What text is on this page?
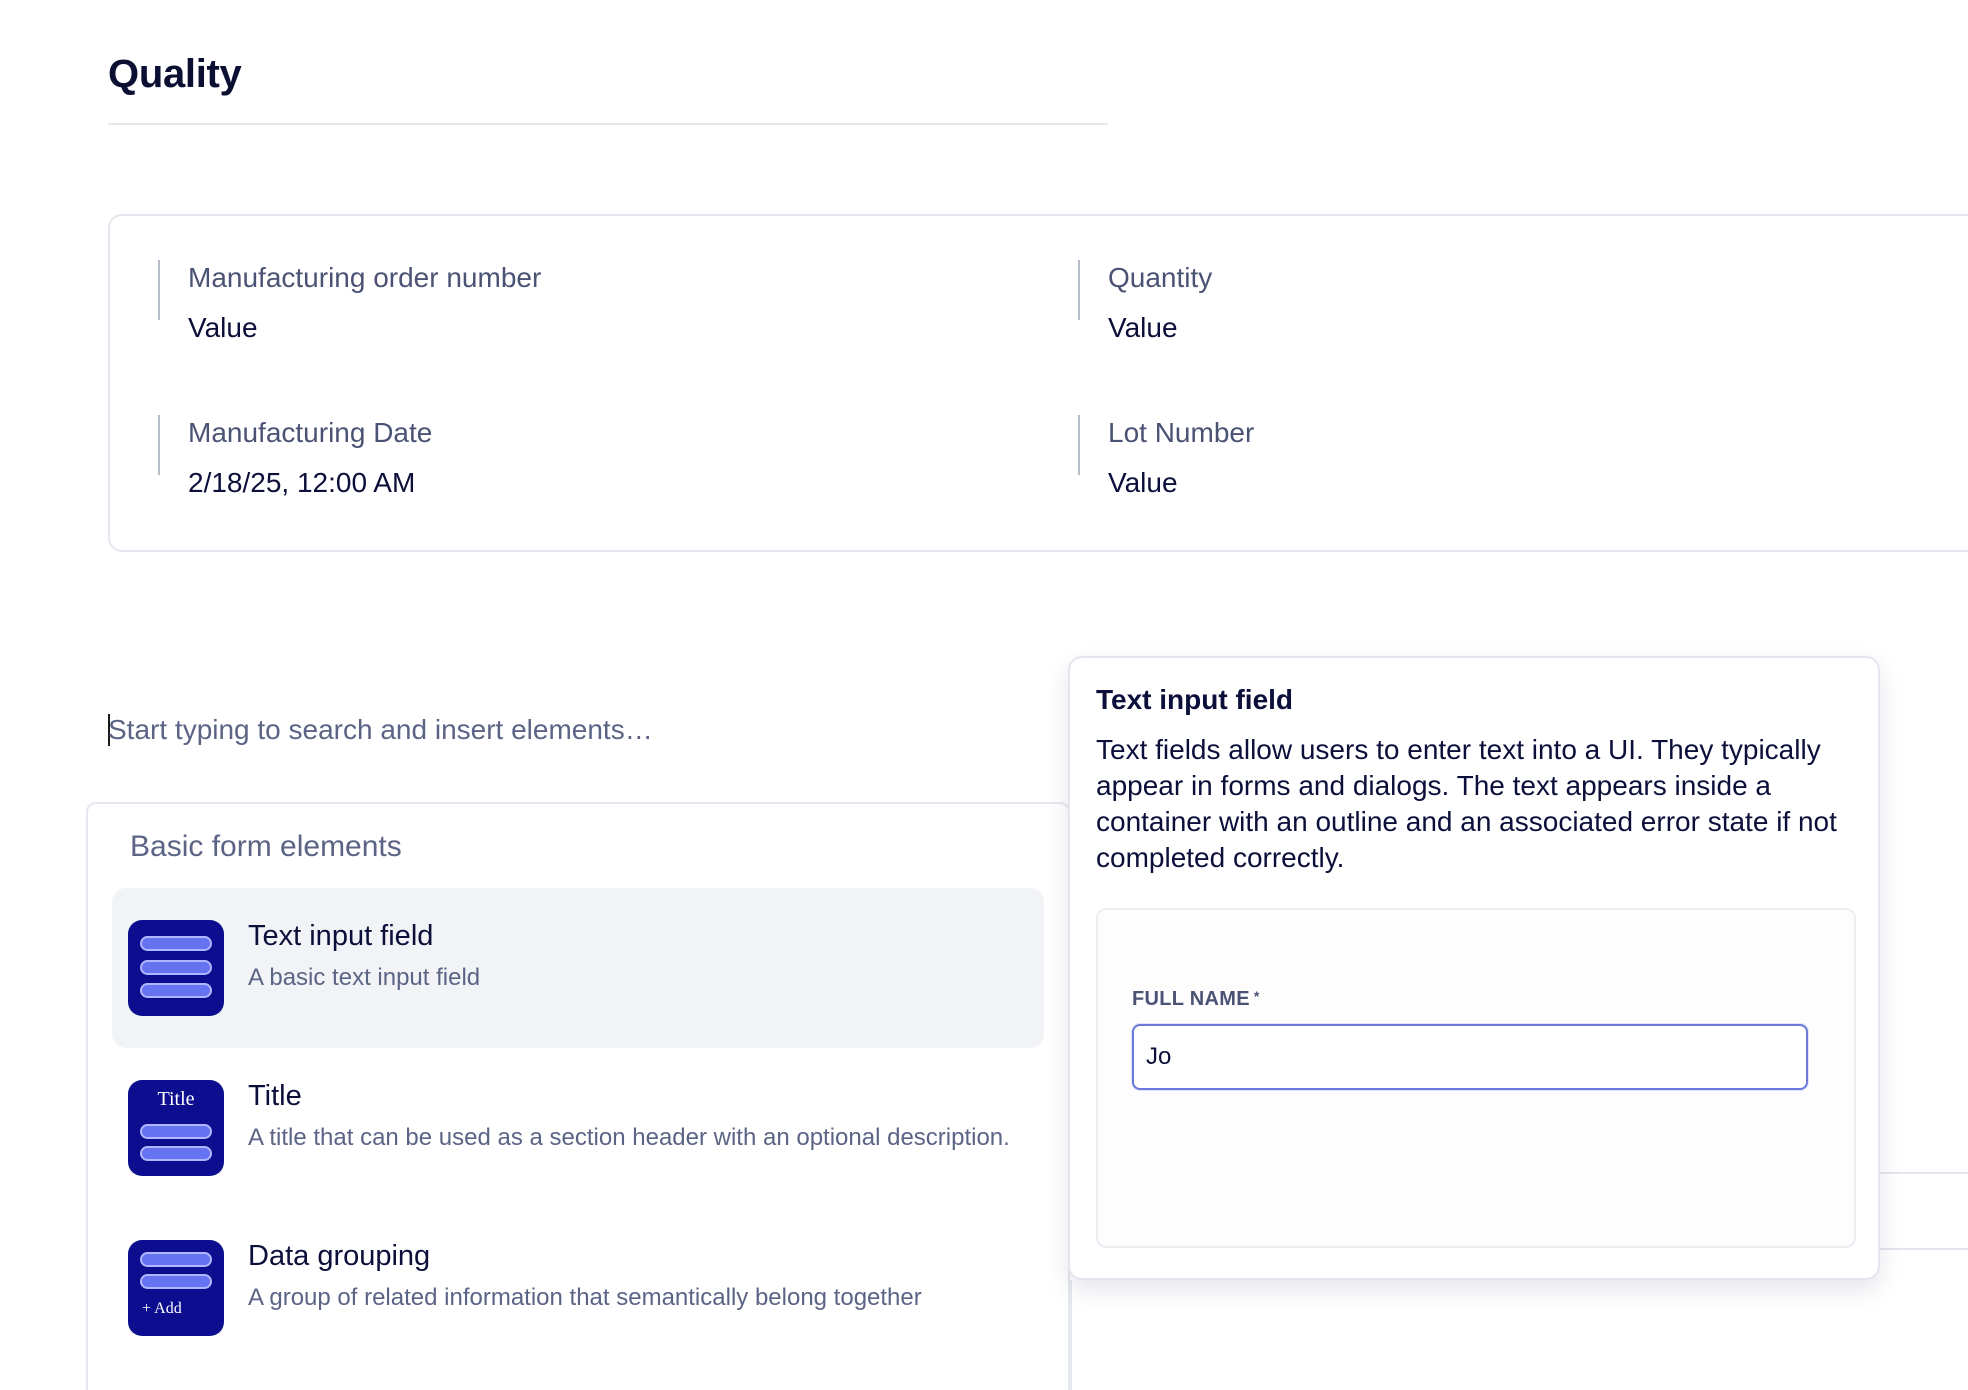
Quality
Manufacturing order number
Value
Quantity
Value
Manufacturing Date
2/18/25, 12:00 AM
Lot Number
Value
Start typing to search and insert elements…
Basic form elements
Text input field
A basic text input field
Title	Title
A title that can be used as a section header with an optional description.
+ Add
Data grouping
A group of related information that semantically belong together
Text input field

Text fields allow users to enter text into a UI. They typically appear in forms and dialogs. The text appears inside a container with an outline and an associated error state if not completed correctly.

FULL NAME *
Jo
